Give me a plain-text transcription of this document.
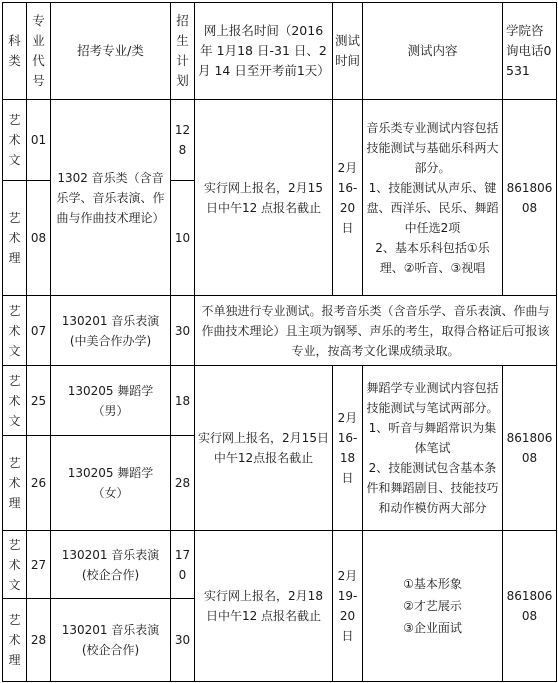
科类	专业代号	招考专业/类	招生计划	网上报名时间（2016 年 1月18 日-31 日、2月 14 日至开考前1天）	测试时间	测试内容	学院咨询电话0531
艺术文	01	1302 音乐类（含音乐学、音乐表演、作曲与作曲技术理论）	128	实行网上报名，2月15 日中午12 点报名截止	2月16-20日	音乐类专业测试内容包括技能测试与基础乐科两大部分。
1、技能测试从声乐、键盘、西洋乐、民乐、舞蹈中任选2项
2、基本乐科包括①乐理、②听音、③视唱	86180608
艺术理	08		10				
艺术文	07	130201 音乐表演(中美合作办学)	30	不单独进行专业测试。报考音乐类（含音乐学、音乐表演、作曲与作曲技术理论）且主项为钢琴、声乐的考生，取得合格证后可报该专业，按高考文化课成绩录取。			
艺术文	25	130205 舞蹈学（男）	18	实行网上报名，2月15日中午12点报名截止	2月16-18日	舞蹈学专业测试内容包括技能测试与笔试两部分。
1、听音与舞蹈常识为集体笔试
2、技能测试包含基本条件和舞蹈剧目、技能技巧和动作模仿两大部分	86180608
艺术理	26	130205 舞蹈学（女）	28				
艺术文	27	130201 音乐表演(校企合作)	170	实行网上报名，2月18 日中午12 点报名截止	2月19-20日	①基本形象
②才艺展示
③企业面试	86180608
艺术理	28	130201 音乐表演(校企合作)	30				
